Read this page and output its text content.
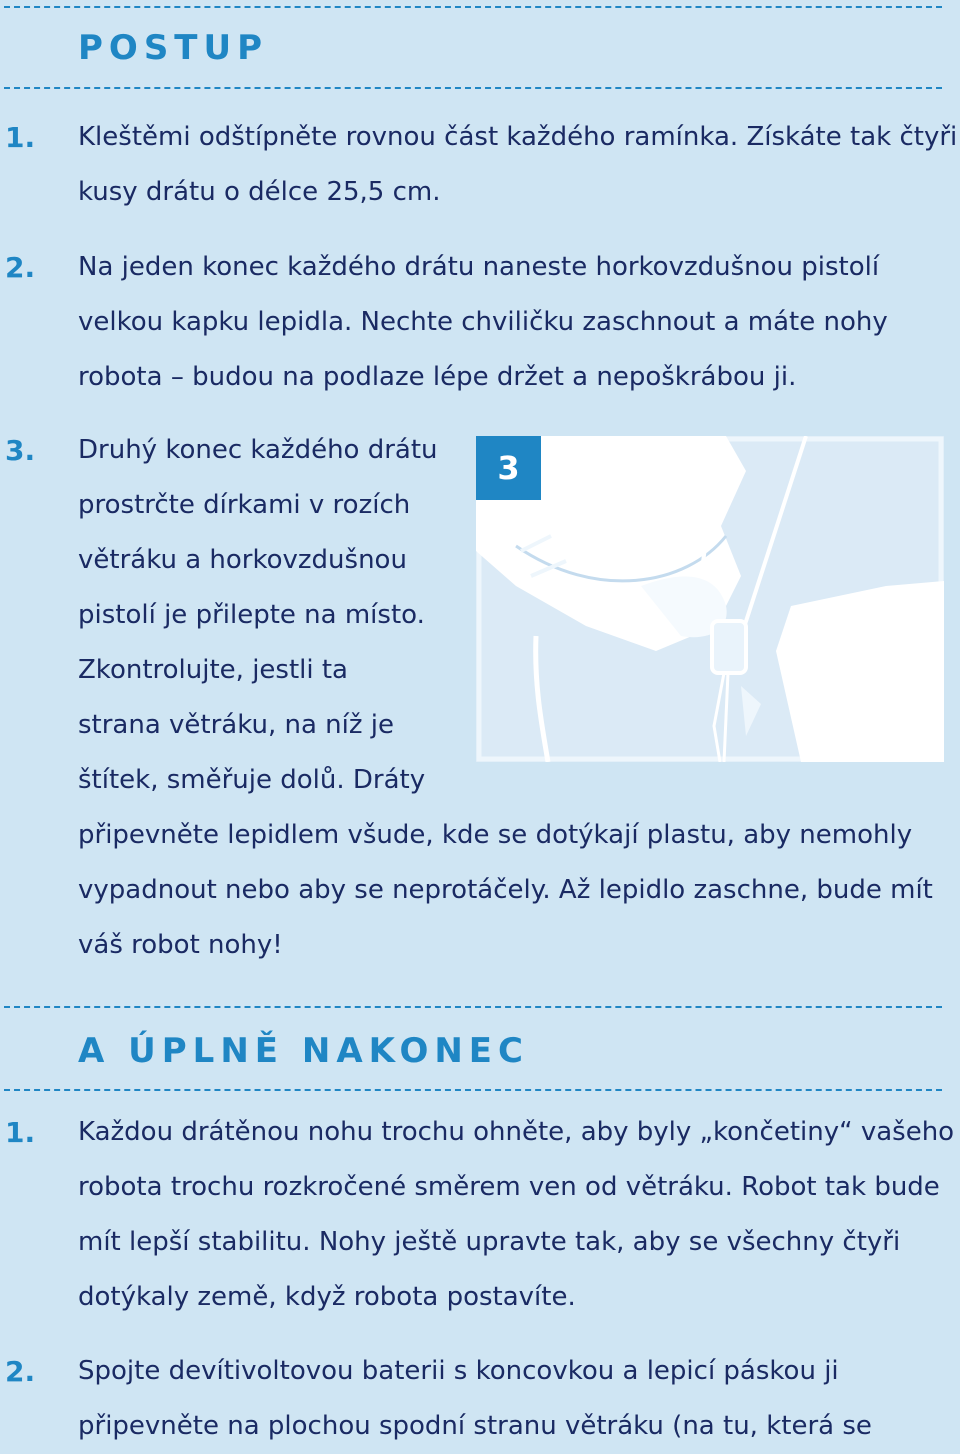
POSTUP
1. Kleštěmi odštípněte rovnou část každého ramínka. Získáte tak čtyři
kusy drátu o délce 25,5 cm.

2. Na jeden konec každého drátu naneste horkovzdušnou pistolí
velkou kapku lepidla. Nechte chviličku zaschnout a máte nohy
robota – budou na podlaze lépe držet a nepoškrábou ji.

3
3. Druhý konec každého drátu
prostrčte dírkami v rozích
větráku a horkovzdušnou
pistolí je přilepte na místo.
Zkontrolujte, jestli ta
strana větráku, na níž je
štítek, směřuje dolů. Dráty
připevněte lepidlem všude, kde se dotýkají plastu, aby nemohly
vypadnout nebo aby se neprotáčely. Až lepidlo zaschne, bude mít
váš robot nohy!

A ÚPLNĚ NAKONEC
1. Každou drátěnou nohu trochu ohněte, aby byly „končetiny“ vašeho
robota trochu rozkročené směrem ven od větráku. Robot tak bude
mít lepší stabilitu. Nohy ještě upravte tak, aby se všechny čtyři
dotýkaly země, když robota postavíte.

2. Spojte devítivoltovou baterii s koncovkou a lepicí páskou ji
připevněte na plochou spodní stranu větráku (na tu, která se
